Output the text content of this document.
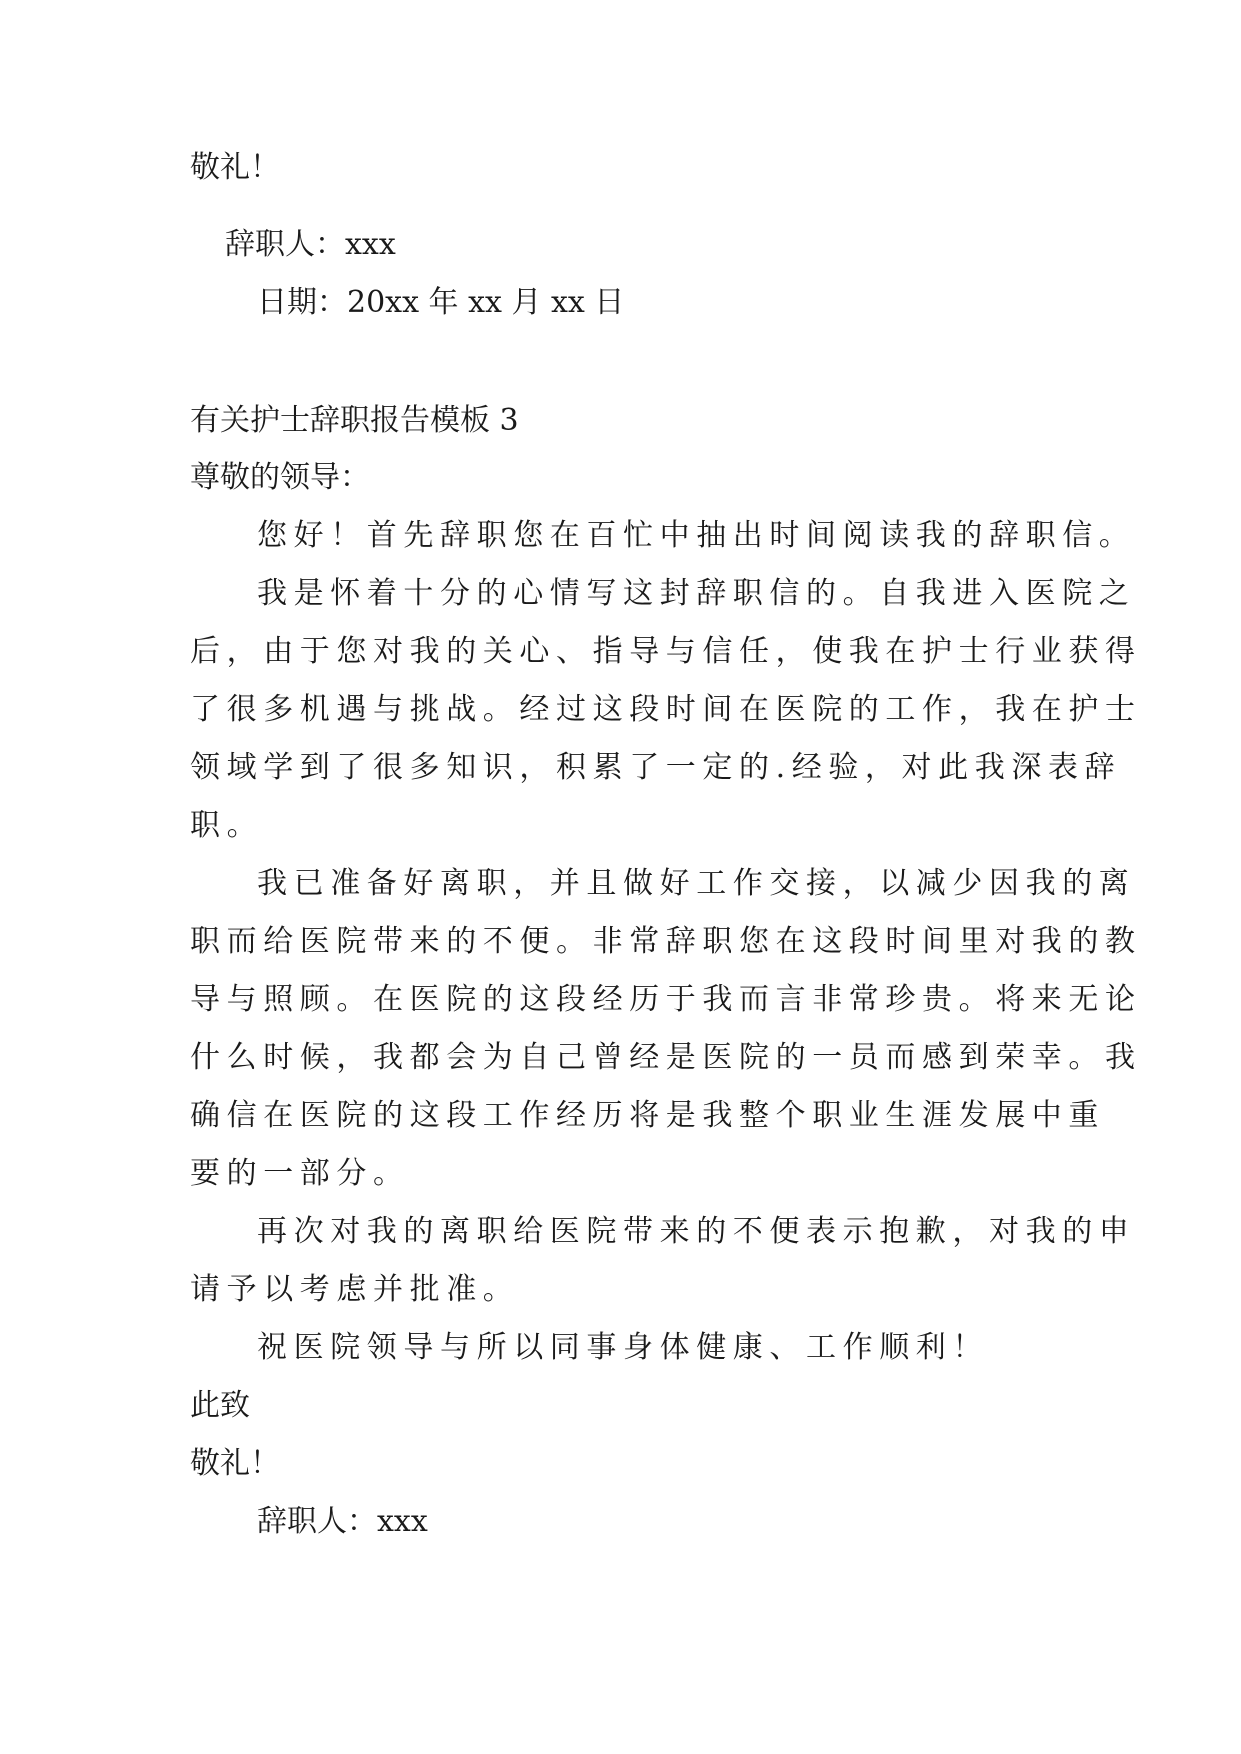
敬礼！
辞职人：xxx
日期：20xx 年 xx 月 xx 日
有关护士辞职报告模板 3
尊敬的领导：
您好！首先辞职您在百忙中抽出时间阅读我的辞职信。
我是怀着十分的心情写这封辞职信的。自我进入医院之
后，由于您对我的关心、指导与信任，使我在护士行业获得
了很多机遇与挑战。经过这段时间在医院的工作，我在护士
领域学到了很多知识，积累了一定的.经验，对此我深表辞
职。
我已准备好离职，并且做好工作交接，以减少因我的离
职而给医院带来的不便。非常辞职您在这段时间里对我的教
导与照顾。在医院的这段经历于我而言非常珍贵。将来无论
什么时候，我都会为自己曾经是医院的一员而感到荣幸。我
确信在医院的这段工作经历将是我整个职业生涯发展中重
要的一部分。
再次对我的离职给医院带来的不便表示抱歉，对我的申
请予以考虑并批准。
祝医院领导与所以同事身体健康、工作顺利！
此致
敬礼！
辞职人：xxx
